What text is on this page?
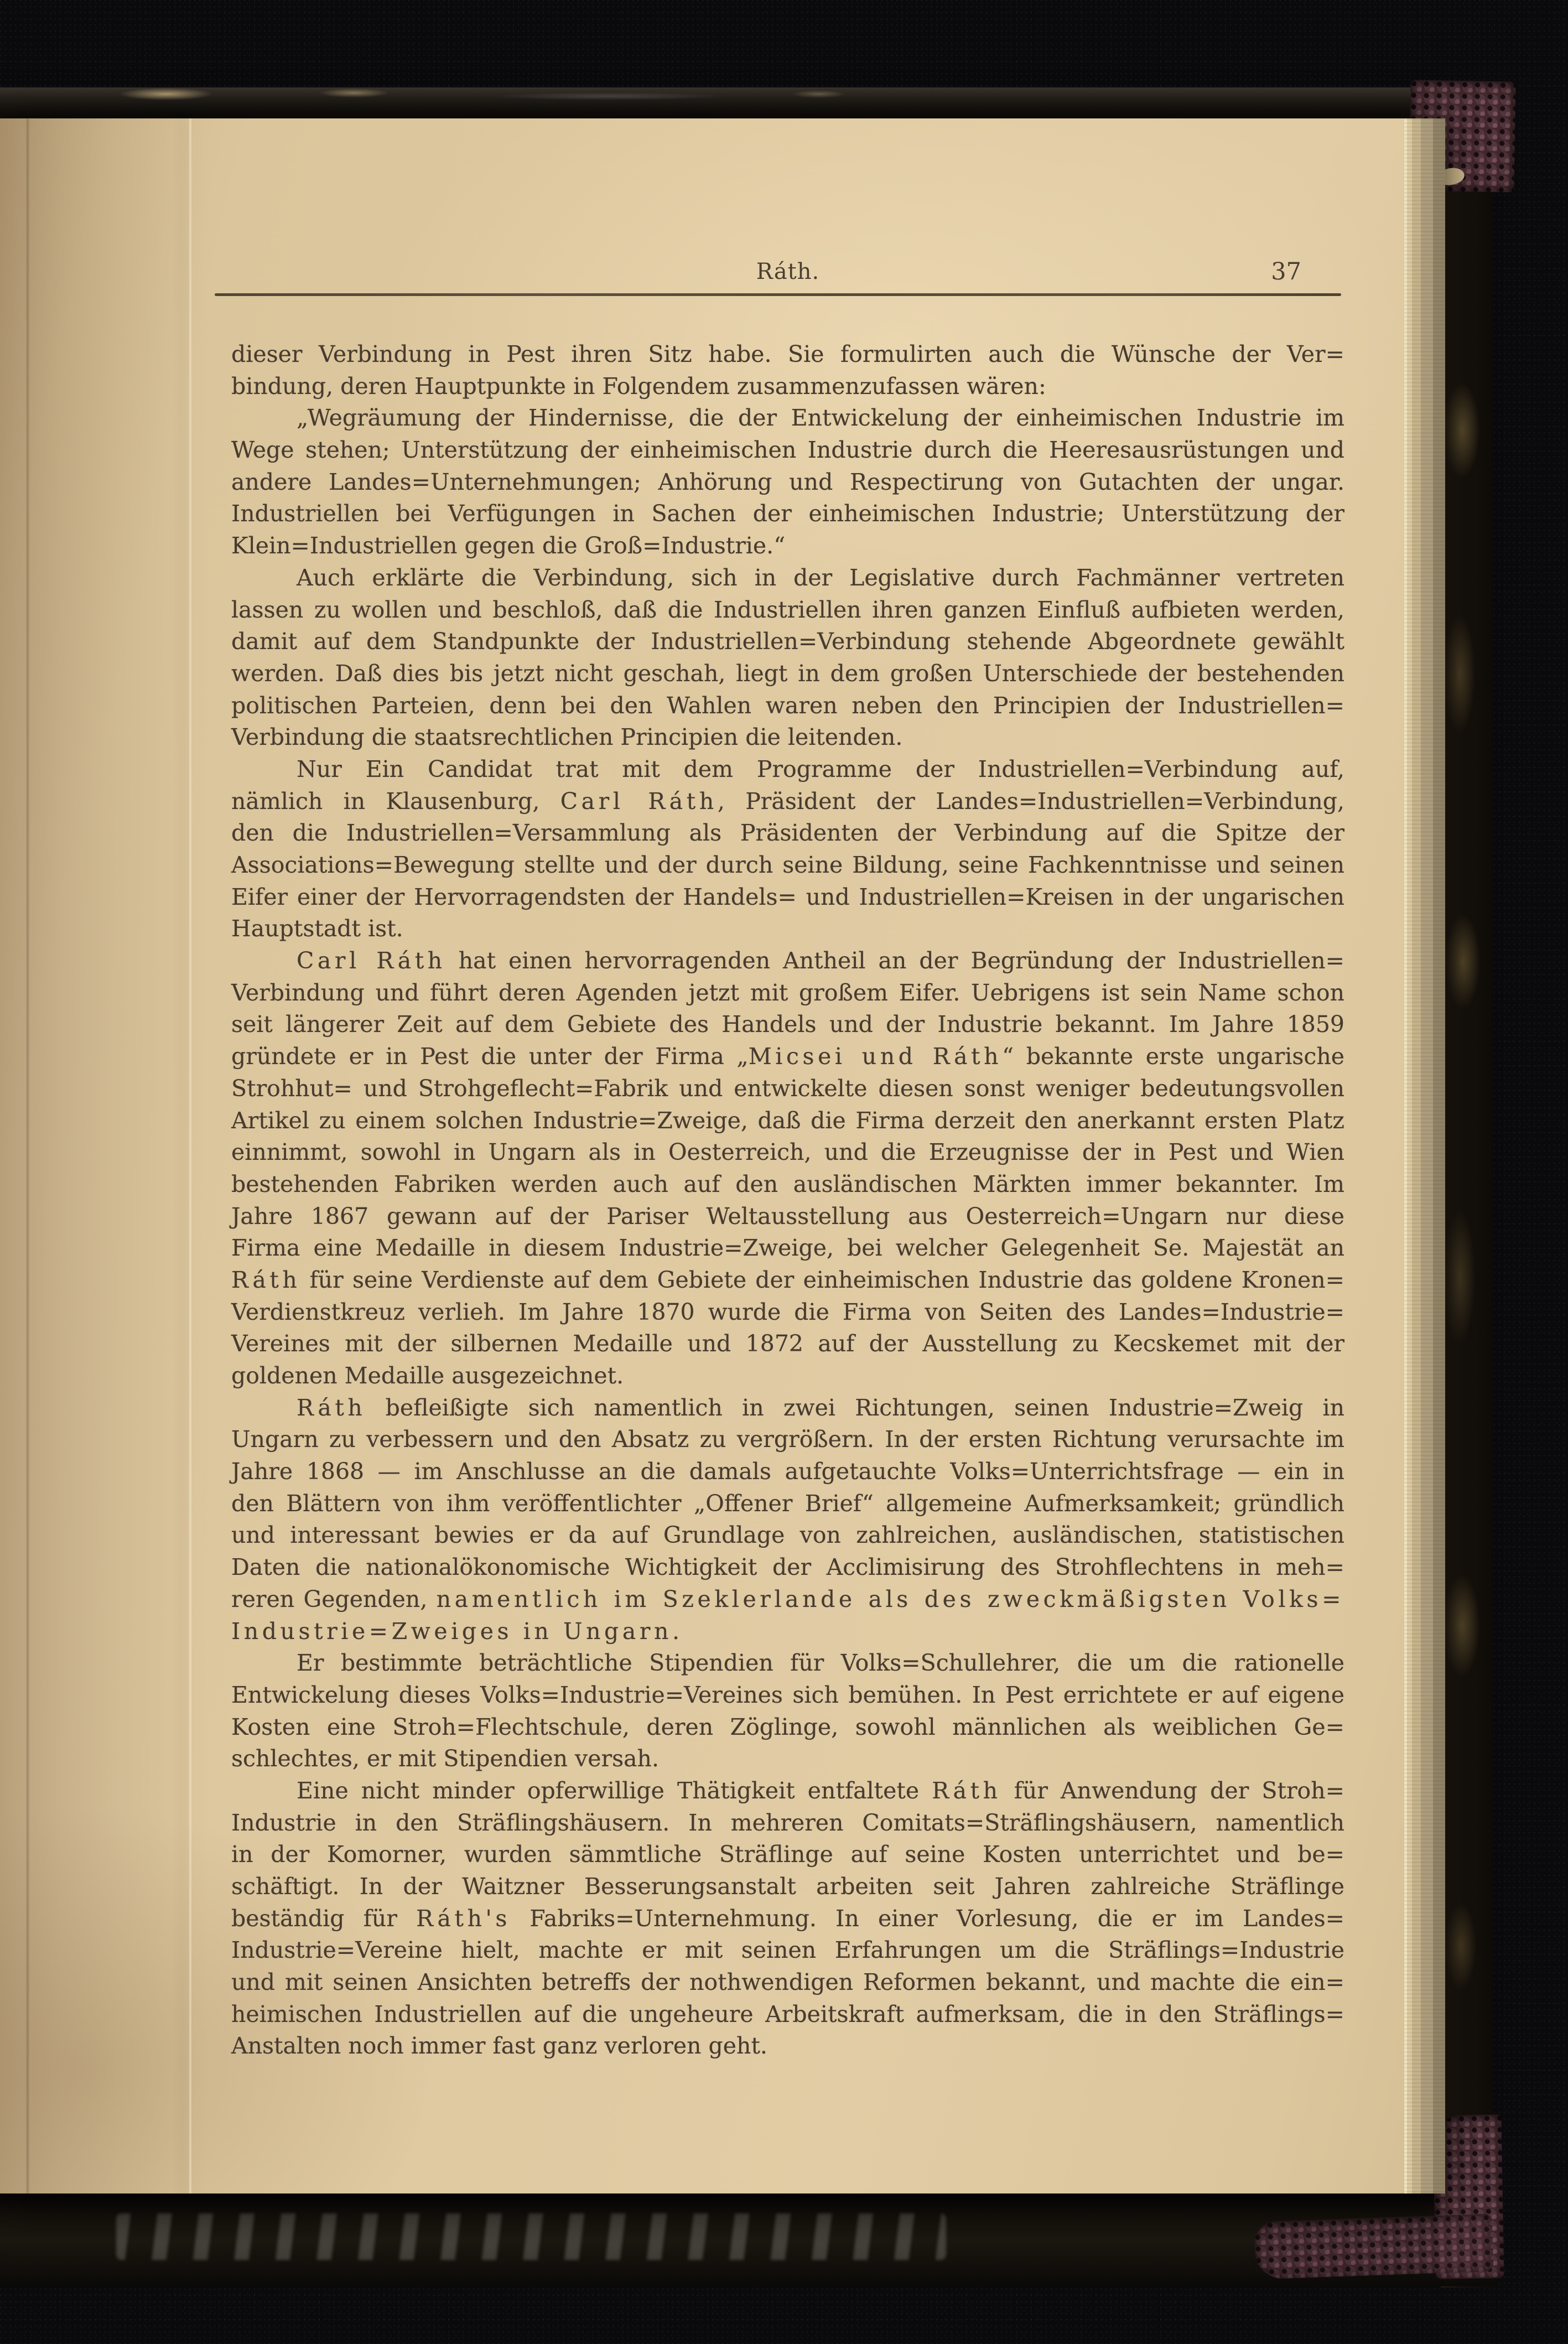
Ráth.	37
dieser Verbindung in Pest ihren Sitz habe. Sie formulirten auch die Wünsche der Ver=
bindung, deren Hauptpunkte in Folgendem zusammenzufassen wären:
„Wegräumung der Hindernisse, die der Entwickelung der einheimischen Industrie im
Wege stehen; Unterstützung der einheimischen Industrie durch die Heeresausrüstungen und
andere Landes=Unternehmungen; Anhörung und Respectirung von Gutachten der ungar.
Industriellen bei Verfügungen in Sachen der einheimischen Industrie; Unterstützung der
Klein=Industriellen gegen die Groß=Industrie.“
Auch erklärte die Verbindung, sich in der Legislative durch Fachmänner vertreten
lassen zu wollen und beschloß, daß die Industriellen ihren ganzen Einfluß aufbieten werden,
damit auf dem Standpunkte der Industriellen=Verbindung stehende Abgeordnete gewählt
werden. Daß dies bis jetzt nicht geschah, liegt in dem großen Unterschiede der bestehenden
politischen Parteien, denn bei den Wahlen waren neben den Principien der Industriellen=
Verbindung die staatsrechtlichen Principien die leitenden.
Nur Ein Candidat trat mit dem Programme der Industriellen=Verbindung auf,
nämlich in Klausenburg, Carl Ráth, Präsident der Landes=Industriellen=Verbindung,
den die Industriellen=Versammlung als Präsidenten der Verbindung auf die Spitze der
Associations=Bewegung stellte und der durch seine Bildung, seine Fachkenntnisse und seinen
Eifer einer der Hervorragendsten der Handels= und Industriellen=Kreisen in der ungarischen
Hauptstadt ist.
Carl Ráth hat einen hervorragenden Antheil an der Begründung der Industriellen=
Verbindung und führt deren Agenden jetzt mit großem Eifer. Uebrigens ist sein Name schon
seit längerer Zeit auf dem Gebiete des Handels und der Industrie bekannt. Im Jahre 1859
gründete er in Pest die unter der Firma „Micsei und Ráth“ bekannte erste ungarische
Strohhut= und Strohgeflecht=Fabrik und entwickelte diesen sonst weniger bedeutungsvollen
Artikel zu einem solchen Industrie=Zweige, daß die Firma derzeit den anerkannt ersten Platz
einnimmt, sowohl in Ungarn als in Oesterreich, und die Erzeugnisse der in Pest und Wien
bestehenden Fabriken werden auch auf den ausländischen Märkten immer bekannter. Im
Jahre 1867 gewann auf der Pariser Weltausstellung aus Oesterreich=Ungarn nur diese
Firma eine Medaille in diesem Industrie=Zweige, bei welcher Gelegenheit Se. Majestät an
Ráth für seine Verdienste auf dem Gebiete der einheimischen Industrie das goldene Kronen=
Verdienstkreuz verlieh. Im Jahre 1870 wurde die Firma von Seiten des Landes=Industrie=
Vereines mit der silbernen Medaille und 1872 auf der Ausstellung zu Kecskemet mit der
goldenen Medaille ausgezeichnet.
Ráth befleißigte sich namentlich in zwei Richtungen, seinen Industrie=Zweig in
Ungarn zu verbessern und den Absatz zu vergrößern. In der ersten Richtung verursachte im
Jahre 1868 — im Anschlusse an die damals aufgetauchte Volks=Unterrichtsfrage — ein in
den Blättern von ihm veröffentlichter „Offener Brief“ allgemeine Aufmerksamkeit; gründlich
und interessant bewies er da auf Grundlage von zahlreichen, ausländischen, statistischen
Daten die nationalökonomische Wichtigkeit der Acclimisirung des Strohflechtens in meh=
reren Gegenden, namentlich im Szeklerlande als des zweckmäßigsten Volks=
Industrie=Zweiges in Ungarn.
Er bestimmte beträchtliche Stipendien für Volks=Schullehrer, die um die rationelle
Entwickelung dieses Volks=Industrie=Vereines sich bemühen. In Pest errichtete er auf eigene
Kosten eine Stroh=Flechtschule, deren Zöglinge, sowohl männlichen als weiblichen Ge=
schlechtes, er mit Stipendien versah.
Eine nicht minder opferwillige Thätigkeit entfaltete Ráth für Anwendung der Stroh=
Industrie in den Sträflingshäusern. In mehreren Comitats=Sträflingshäusern, namentlich
in der Komorner, wurden sämmtliche Sträflinge auf seine Kosten unterrichtet und be=
schäftigt. In der Waitzner Besserungsanstalt arbeiten seit Jahren zahlreiche Sträflinge
beständig für Ráth's Fabriks=Unternehmung. In einer Vorlesung, die er im Landes=
Industrie=Vereine hielt, machte er mit seinen Erfahrungen um die Sträflings=Industrie
und mit seinen Ansichten betreffs der nothwendigen Reformen bekannt, und machte die ein=
heimischen Industriellen auf die ungeheure Arbeitskraft aufmerksam, die in den Sträflings=
Anstalten noch immer fast ganz verloren geht.
